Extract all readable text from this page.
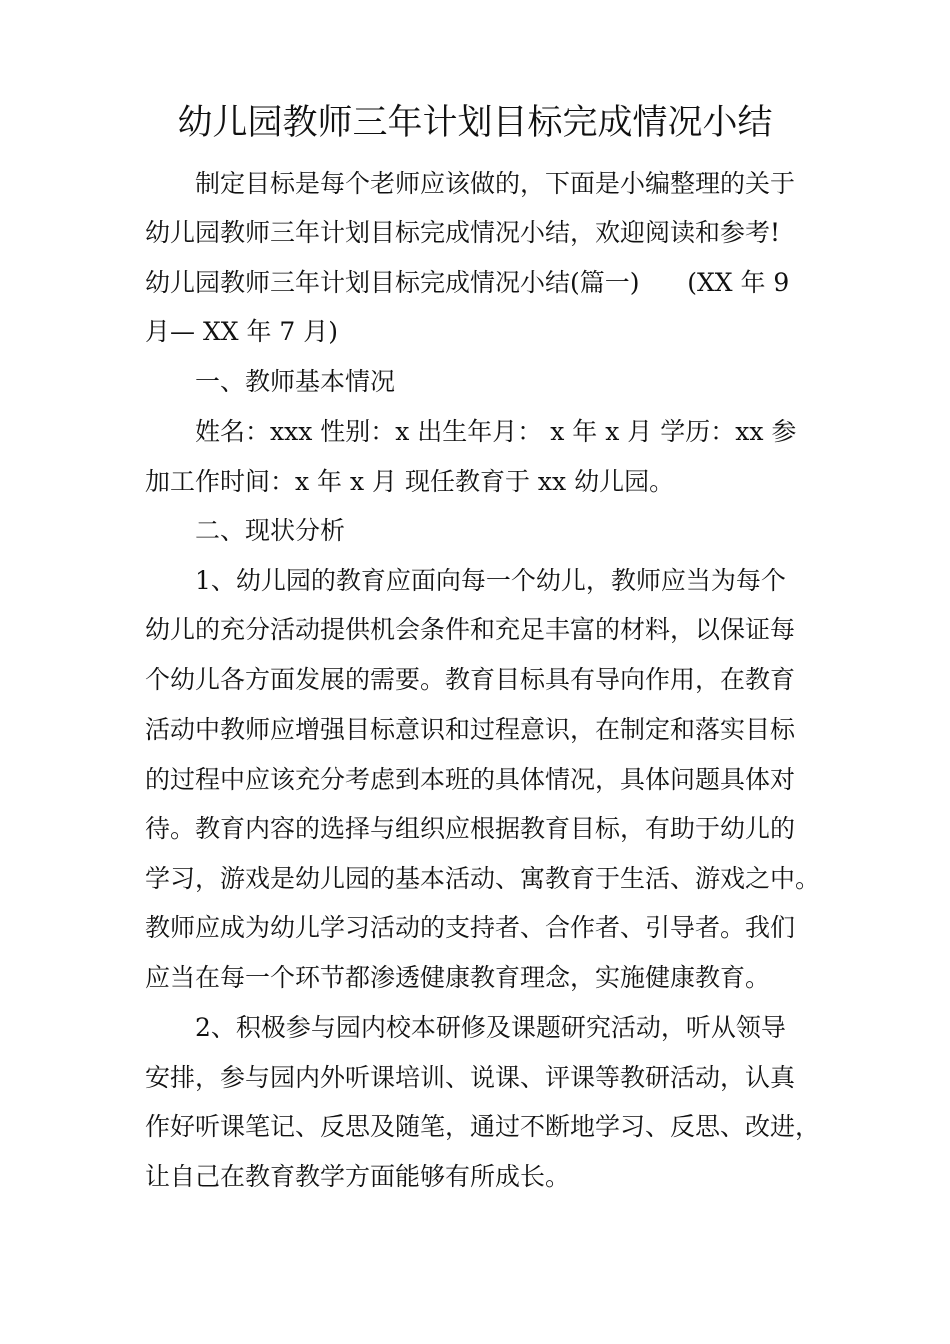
幼儿园教师三年计划目标完成情况小结
制定目标是每个老师应该做的，下面是小编整理的关于
幼儿园教师三年计划目标完成情况小结，欢迎阅读和参考!
幼儿园教师三年计划目标完成情况小结(篇一)      (XX 年 9
月— XX 年 7 月)
一、教师基本情况
姓名：xxx 性别：x 出生年月： x 年 x 月 学历：xx 参
加工作时间：x 年 x 月 现任教育于 xx 幼儿园。
二、现状分析
1、幼儿园的教育应面向每一个幼儿，教师应当为每个
幼儿的充分活动提供机会条件和充足丰富的材料，以保证每
个幼儿各方面发展的需要。教育目标具有导向作用，在教育
活动中教师应增强目标意识和过程意识，在制定和落实目标
的过程中应该充分考虑到本班的具体情况，具体问题具体对
待。教育内容的选择与组织应根据教育目标，有助于幼儿的
学习，游戏是幼儿园的基本活动、寓教育于生活、游戏之中。
教师应成为幼儿学习活动的支持者、合作者、引导者。我们
应当在每一个环节都渗透健康教育理念，实施健康教育。
2、积极参与园内校本研修及课题研究活动，听从领导
安排，参与园内外听课培训、说课、评课等教研活动，认真
作好听课笔记、反思及随笔，通过不断地学习、反思、改进，
让自己在教育教学方面能够有所成长。
